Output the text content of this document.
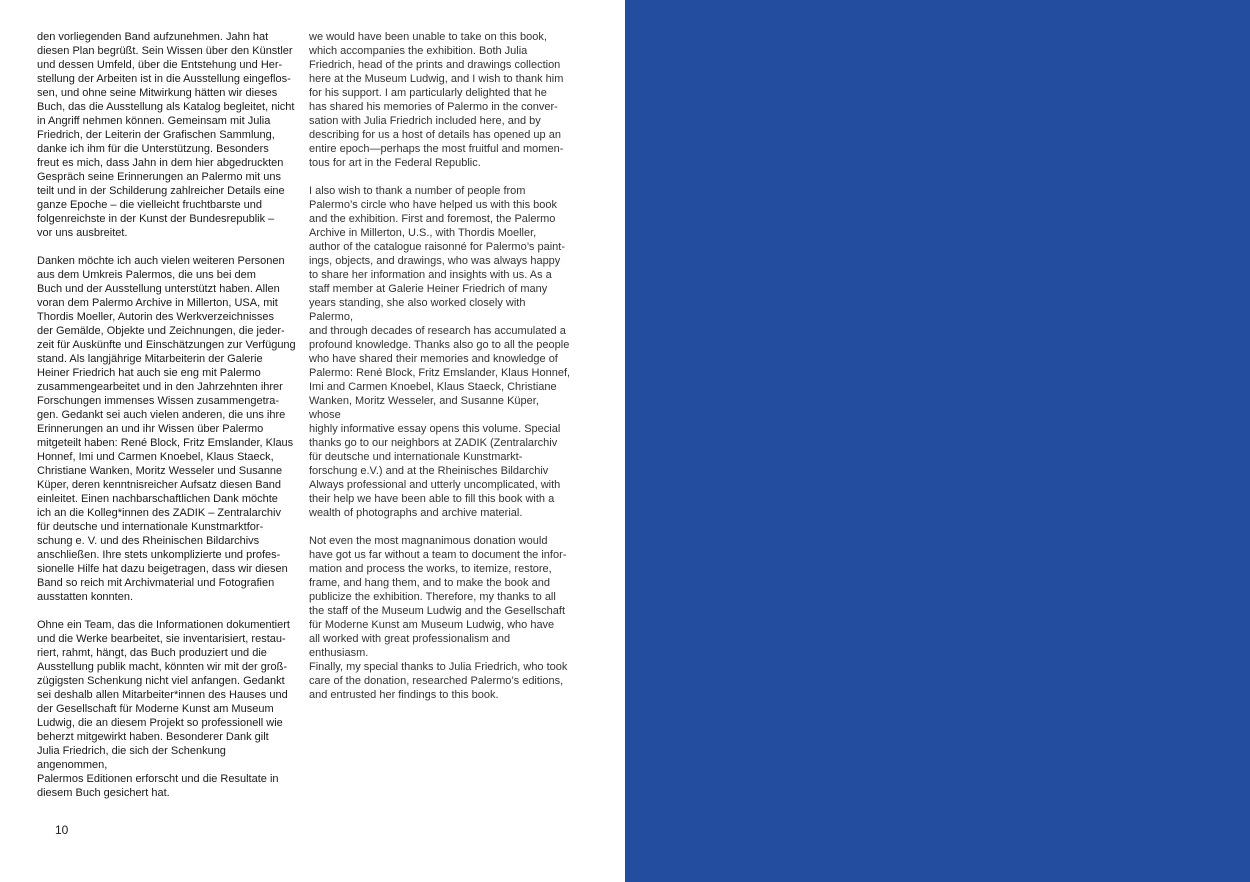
den vorliegenden Band aufzunehmen. Jahn hat
diesen Plan begrüßt. Sein Wissen über den Künstler
und dessen Umfeld, über die Entstehung und Her-
stellung der Arbeiten ist in die Ausstellung eingeflos-
sen, und ohne seine Mitwirkung hätten wir dieses
Buch, das die Ausstellung als Katalog begleitet, nicht
in Angriff nehmen können. Gemeinsam mit Julia
Friedrich, der Leiterin der Grafischen Sammlung,
danke ich ihm für die Unterstützung. Besonders
freut es mich, dass Jahn in dem hier abgedruckten
Gespräch seine Erinnerungen an Palermo mit uns
teilt und in der Schilderung zahlreicher Details eine
ganze Epoche – die vielleicht fruchtbarste und
folgenreichste in der Kunst der Bundesrepublik –
vor uns ausbreitet.

Danken möchte ich auch vielen weiteren Personen
aus dem Umkreis Palermos, die uns bei dem
Buch und der Ausstellung unterstützt haben. Allen
voran dem Palermo Archive in Millerton, USA, mit
Thordis Moeller, Autorin des Werkverzeichnisses
der Gemälde, Objekte und Zeichnungen, die jeder-
zeit für Auskünfte und Einschätzungen zur Verfügung
stand. Als langjährige Mitarbeiterin der Galerie
Heiner Friedrich hat auch sie eng mit Palermo
zusammengearbeitet und in den Jahrzehnten ihrer
Forschungen immenses Wissen zusammengetra-
gen. Gedankt sei auch vielen anderen, die uns ihre
Erinnerungen an und ihr Wissen über Palermo
mitgeteilt haben: René Block, Fritz Emslander, Klaus
Honnef, Imi und Carmen Knoebel, Klaus Staeck,
Christiane Wanken, Moritz Wesseler und Susanne
Küper, deren kenntnisreicher Aufsatz diesen Band
einleitet. Einen nachbarschaftlichen Dank möchte
ich an die Kolleg*innen des ZADIK – Zentralarchiv
für deutsche und internationale Kunstmarktfor-
schung e. V. und des Rheinischen Bildarchivs
anschließen. Ihre stets unkomplizierte und profes-
sionelle Hilfe hat dazu beigetragen, dass wir diesen
Band so reich mit Archivmaterial und Fotografien
ausstatten konnten.

Ohne ein Team, das die Informationen dokumentiert
und die Werke bearbeitet, sie inventarisiert, restau-
riert, rahmt, hängt, das Buch produziert und die
Ausstellung publik macht, könnten wir mit der groß-
zügigsten Schenkung nicht viel anfangen. Gedankt
sei deshalb allen Mitarbeiter*innen des Hauses und
der Gesellschaft für Moderne Kunst am Museum
Ludwig, die an diesem Projekt so professionell wie
beherzt mitgewirkt haben. Besonderer Dank gilt
Julia Friedrich, die sich der Schenkung angenommen,
Palermos Editionen erforscht und die Resultate in
diesem Buch gesichert hat.

we would have been unable to take on this book,
which accompanies the exhibition. Both Julia
Friedrich, head of the prints and drawings collection
here at the Museum Ludwig, and I wish to thank him
for his support. I am particularly delighted that he
has shared his memories of Palermo in the conver-
sation with Julia Friedrich included here, and by
describing for us a host of details has opened up an
entire epoch—perhaps the most fruitful and momen-
tous for art in the Federal Republic.

I also wish to thank a number of people from
Palermo’s circle who have helped us with this book
and the exhibition. First and foremost, the Palermo
Archive in Millerton, U.S., with Thordis Moeller,
author of the catalogue raisonné for Palermo’s paint-
ings, objects, and drawings, who was always happy
to share her information and insights with us. As a
staff member at Galerie Heiner Friedrich of many
years standing, she also worked closely with Palermo,
and through decades of research has accumulated a
profound knowledge. Thanks also go to all the people
who have shared their memories and knowledge of
Palermo: René Block, Fritz Emslander, Klaus Honnef,
Imi and Carmen Knoebel, Klaus Staeck, Christiane
Wanken, Moritz Wesseler, and Susanne Küper, whose
highly informative essay opens this volume. Special
thanks go to our neighbors at ZADIK (Zentralarchiv
für deutsche und internationale Kunstmarkt-
forschung e.V.) and at the Rheinisches Bildarchiv
Always professional and utterly uncomplicated, with
their help we have been able to fill this book with a
wealth of photographs and archive material.

Not even the most magnanimous donation would
have got us far without a team to document the infor-
mation and process the works, to itemize, restore,
frame, and hang them, and to make the book and
publicize the exhibition. Therefore, my thanks to all
the staff of the Museum Ludwig and the Gesellschaft
für Moderne Kunst am Museum Ludwig, who have
all worked with great professionalism and enthusiasm.
Finally, my special thanks to Julia Friedrich, who took
care of the donation, researched Palermo’s editions,
and entrusted her findings to this book.

10
